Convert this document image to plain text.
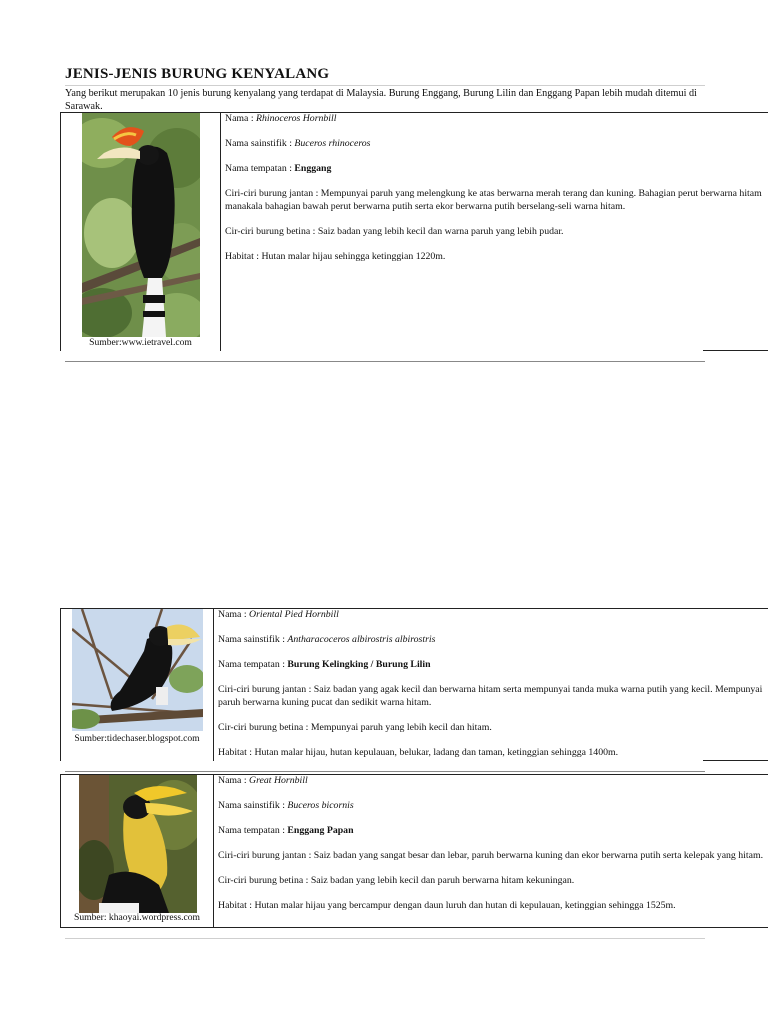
JENIS-JENIS BURUNG KENYALANG
Yang berikut merupakan 10 jenis burung kenyalang yang terdapat di Malaysia. Burung Enggang, Burung Lilin dan Enggang Papan lebih mudah ditemui di Sarawak.
Sumber:www.ietravel.com

Nama : Rhinoceros Hornbill

Nama sainstifik : Buceros rhinoceros

Nama tempatan : Enggang

Ciri-ciri burung jantan : Mempunyai paruh yang melengkung ke atas berwarna merah terang dan kuning. Bahagian perut berwarna hitam manakala bahagian bawah perut berwarna putih serta ekor berwarna putih berselang-seli warna hitam.

Cir-ciri burung betina : Saiz badan yang lebih kecil dan warna paruh yang lebih pudar.

Habitat : Hutan malar hijau sehingga ketinggian 1220m.

Sumber:tidechaser.blogspot.com

Nama : Oriental Pied Hornbill

Nama sainstifik : Antharacoceros albirostris albirostris

Nama tempatan : Burung Kelingking / Burung Lilin

Ciri-ciri burung jantan : Saiz badan yang agak kecil dan berwarna hitam serta mempunyai tanda muka warna putih yang kecil. Mempunyai paruh berwarna kuning pucat dan sedikit warna hitam.

Cir-ciri burung betina : Mempunyai paruh yang lebih kecil dan hitam.

Habitat : Hutan malar hijau, hutan kepulauan, belukar, ladang dan taman, ketinggian sehingga 1400m.

Sumber: khaoyai.wordpress.com

Nama : Great Hornbill

Nama sainstifik : Buceros bicornis

Nama tempatan : Enggang Papan

Ciri-ciri burung jantan : Saiz badan yang sangat besar dan lebar, paruh berwarna kuning dan ekor berwarna putih serta kelepak yang hitam.

Cir-ciri burung betina : Saiz badan yang lebih kecil dan paruh berwarna hitam kekuningan.

Habitat : Hutan malar hijau yang bercampur dengan daun luruh dan hutan di kepulauan, ketinggian sehingga 1525m.
